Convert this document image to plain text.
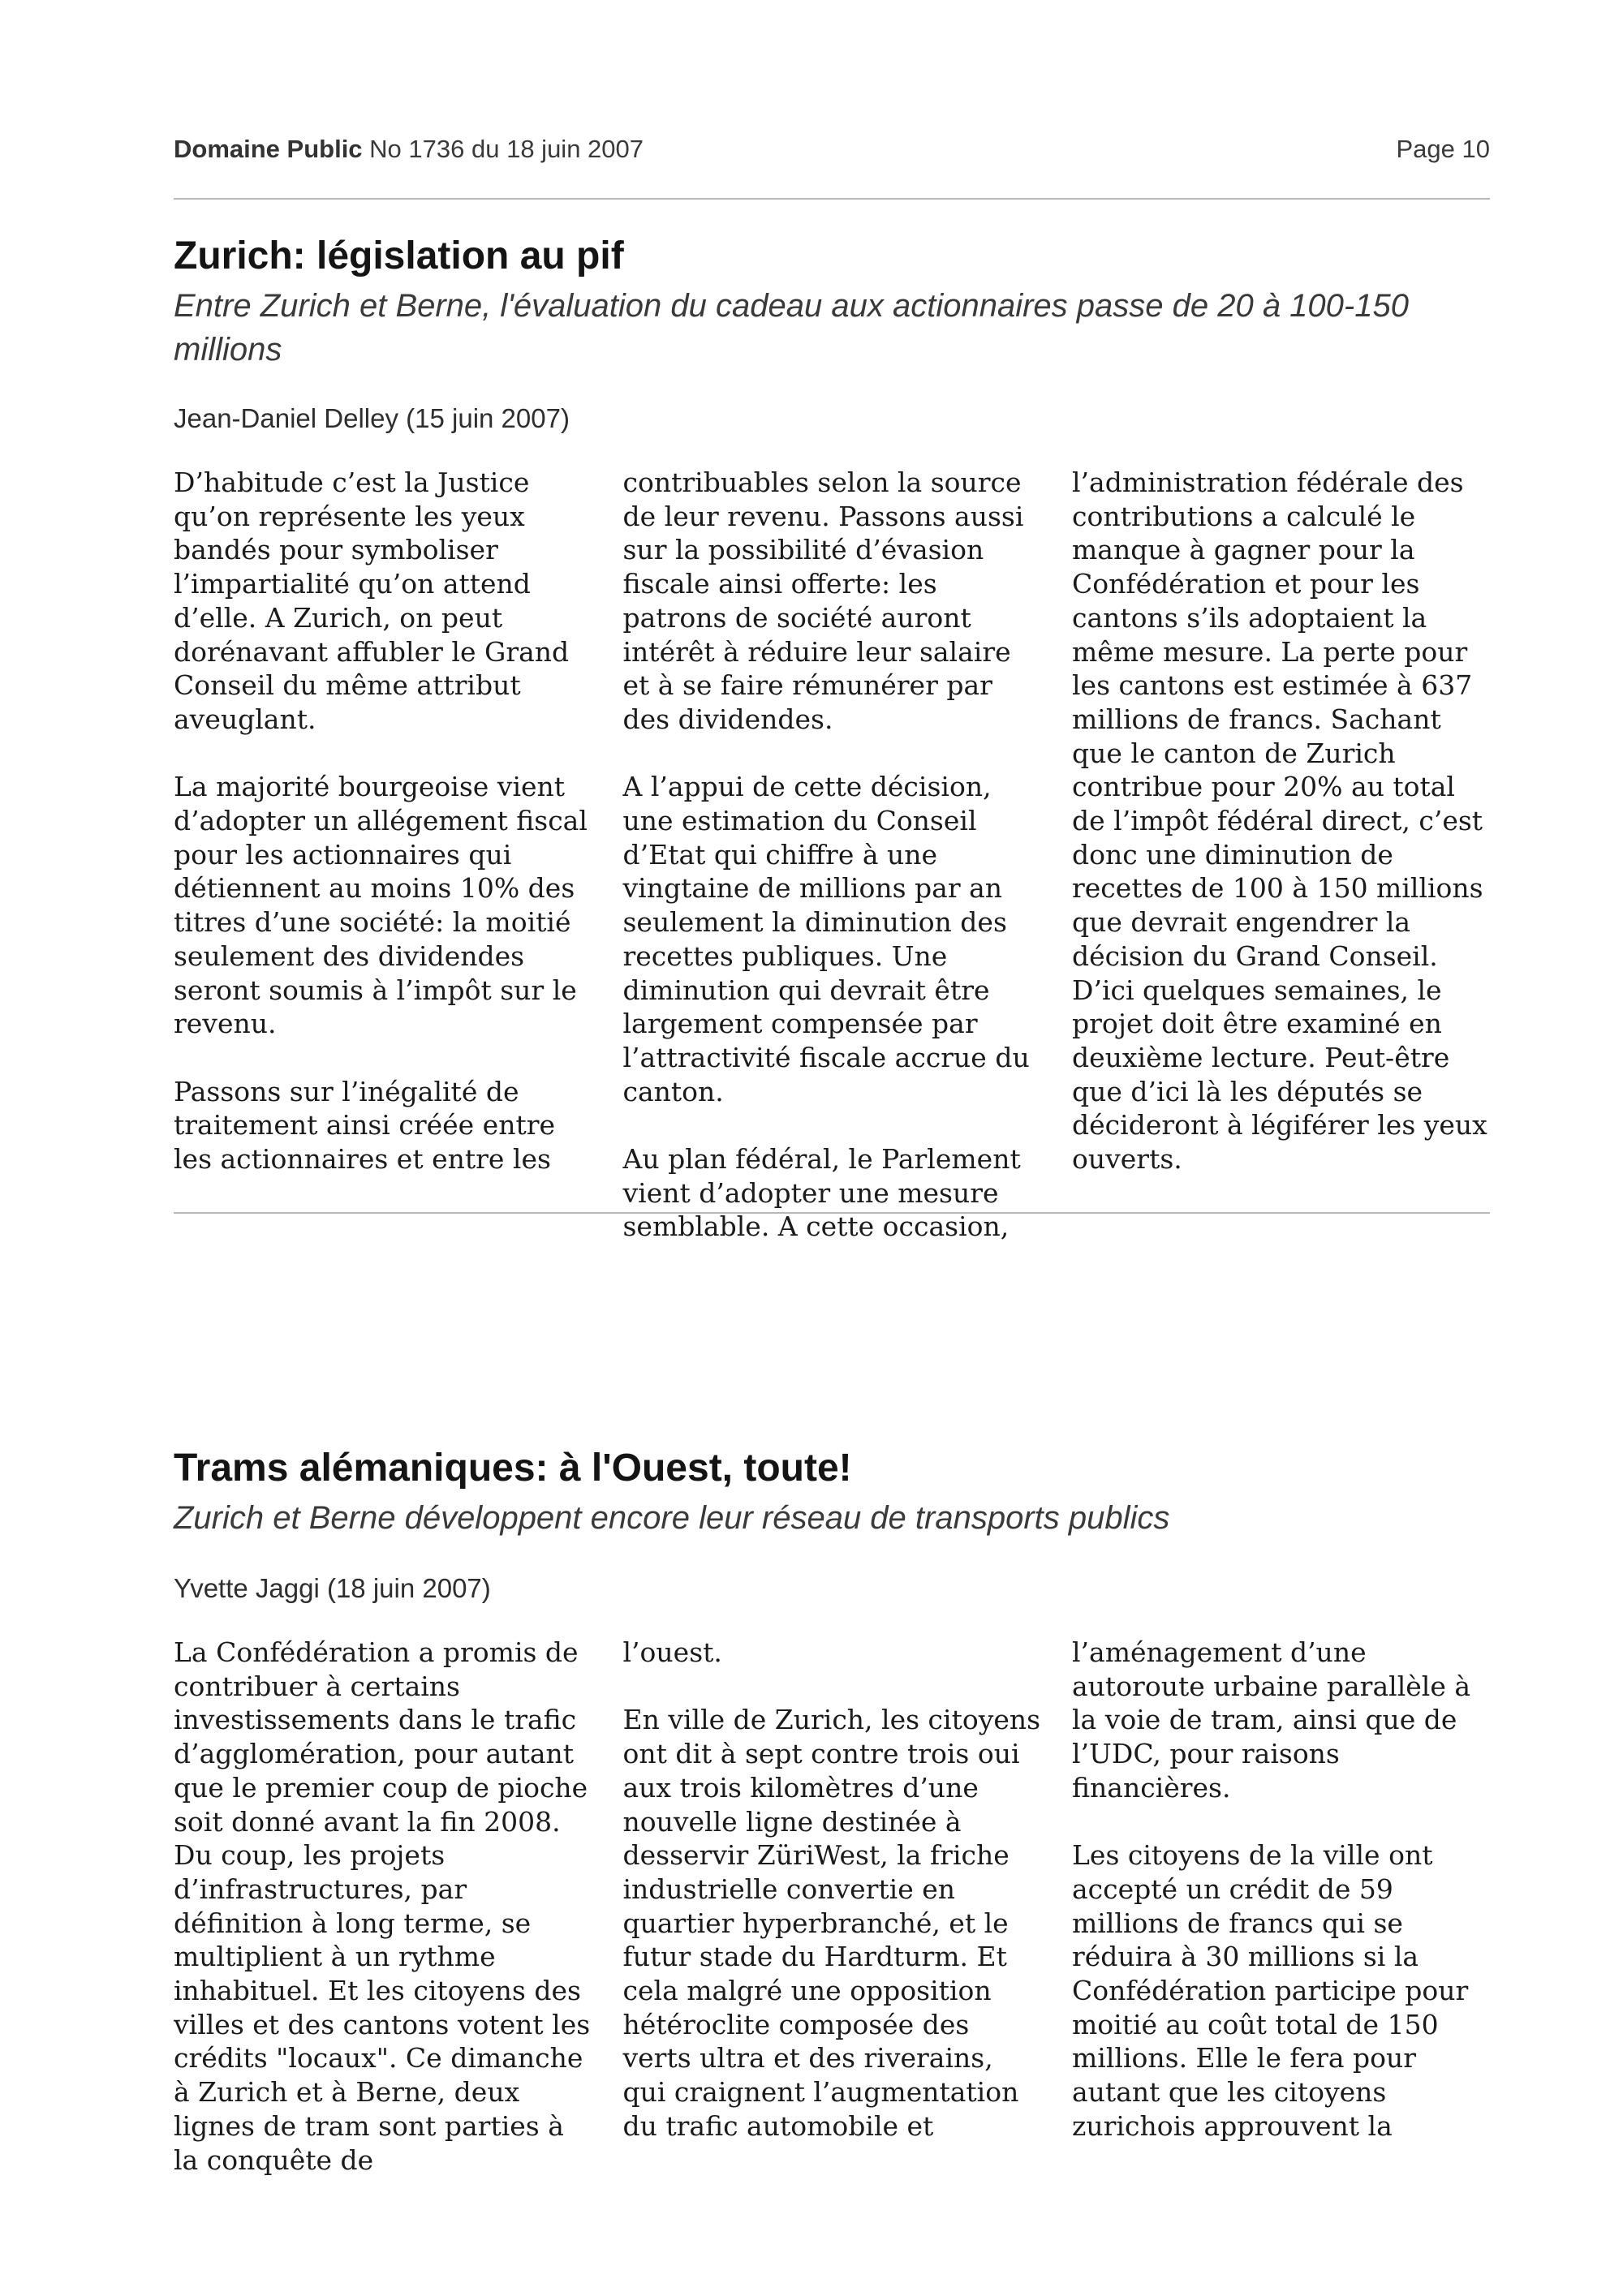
Domaine Public No 1736 du 18 juin 2007	Page 10
Zurich: législation au pif
Entre Zurich et Berne, l'évaluation du cadeau aux actionnaires passe de 20 à 100-150 millions
Jean-Daniel Delley (15 juin 2007)

D’habitude c’est la Justice qu’on représente les yeux bandés pour symboliser l’impartialité qu’on attend d’elle. A Zurich, on peut dorénavant affubler le Grand Conseil du même attribut aveuglant.

La majorité bourgeoise vient d’adopter un allégement fiscal pour les actionnaires qui détiennent au moins 10% des titres d’une société: la moitié seulement des dividendes seront soumis à l’impôt sur le revenu.

Passons sur l’inégalité de traitement ainsi créée entre les actionnaires et entre les

contribuables selon la source de leur revenu. Passons aussi sur la possibilité d’évasion fiscale ainsi offerte: les patrons de société auront intérêt à réduire leur salaire et à se faire rémunérer par des dividendes.

A l’appui de cette décision, une estimation du Conseil d’Etat qui chiffre à une vingtaine de millions par an seulement la diminution des recettes publiques. Une diminution qui devrait être largement compensée par l’attractivité fiscale accrue du canton.

Au plan fédéral, le Parlement vient d’adopter une mesure semblable. A cette occasion,

l’administration fédérale des contributions a calculé le manque à gagner pour la Confédération et pour les cantons s’ils adoptaient la même mesure. La perte pour les cantons est estimée à 637 millions de francs. Sachant que le canton de Zurich contribue pour 20% au total de l’impôt fédéral direct, c’est donc une diminution de recettes de 100 à 150 millions que devrait engendrer la décision du Grand Conseil. D’ici quelques semaines, le projet doit être examiné en deuxième lecture. Peut-être que d’ici là les députés se décideront à légiférer les yeux ouverts.

Trams alémaniques: à l'Ouest, toute!
Zurich et Berne développent encore leur réseau de transports publics
Yvette Jaggi (18 juin 2007)

La Confédération a promis de contribuer à certains investissements dans le trafic d’agglomération, pour autant que le premier coup de pioche soit donné avant la fin 2008. Du coup, les projets d’infrastructures, par définition à long terme, se multiplient à un rythme inhabituel. Et les citoyens des villes et des cantons votent les crédits "locaux". Ce dimanche à Zurich et à Berne, deux lignes de tram sont parties à la conquête de

l’ouest.

En ville de Zurich, les citoyens ont dit à sept contre trois oui aux trois kilomètres d’une nouvelle ligne destinée à desservir ZüriWest, la friche industrielle convertie en quartier hyperbranché, et le futur stade du Hardturm. Et cela malgré une opposition hétéroclite composée des verts ultra et des riverains, qui craignent l’augmentation du trafic automobile et

l’aménagement d’une autoroute urbaine parallèle à la voie de tram, ainsi que de l’UDC, pour raisons financières.

Les citoyens de la ville ont accepté un crédit de 59 millions de francs qui se réduira à 30 millions si la Confédération participe pour moitié au coût total de 150 millions. Elle le fera pour autant que les citoyens zurichois approuvent la
